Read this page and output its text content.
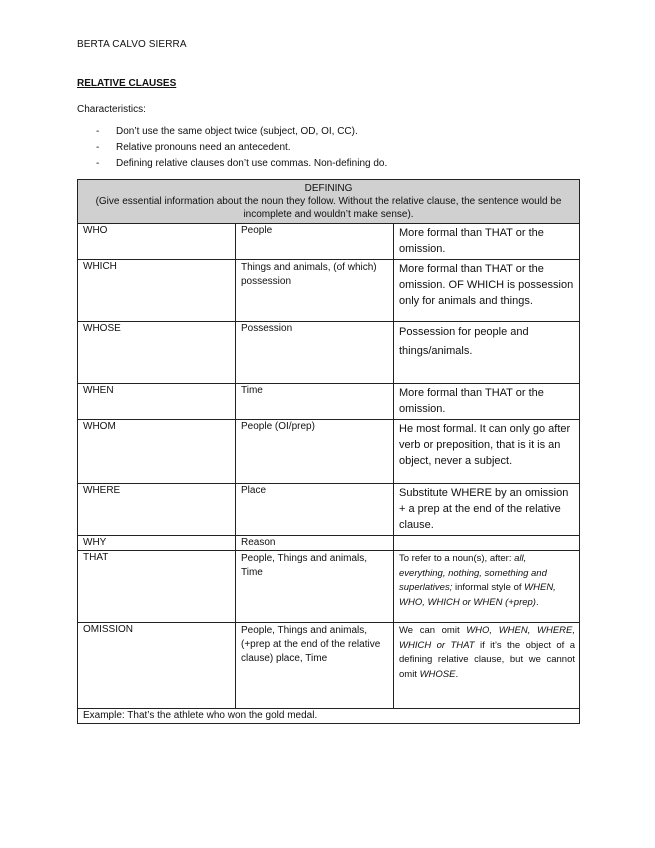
BERTA CALVO SIERRA
RELATIVE CLAUSES
Characteristics:
- Don’t use the same object twice (subject, OD, OI, CC).
- Relative pronouns need an antecedent.
- Defining relative clauses don’t use commas. Non-defining do.
DEFINING
(Give essential information about the noun they follow. Without the relative clause, the sentence would be incomplete and wouldn’t make sense).		

WHO	People	More formal than THAT or the omission.
WHICH	Things and animals, (of which) possession	More formal than THAT or the omission. OF WHICH is possession only for animals and things.
WHOSE	Possession	Possession for people and things/animals.
WHEN	Time	More formal than THAT or the omission.
WHOM	People (OI/prep)	He most formal. It can only go after verb or preposition, that is it is an object, never a subject.
WHERE	Place	Substitute WHERE by an omission + a prep at the end of the relative clause.
WHY	Reason	
THAT	People, Things and animals, Time	To refer to a noun(s), after: all, everything, nothing, something and superlatives; informal style of WHEN, WHO, WHICH or WHEN (+prep).
OMISSION	People, Things and animals, (+prep at the end of the relative clause) place, Time	We can omit WHO, WHEN, WHERE, WHICH or THAT if it’s the object of a defining relative clause, but we cannot omit WHOSE.
Example: That’s the athlete who won the gold medal.		
